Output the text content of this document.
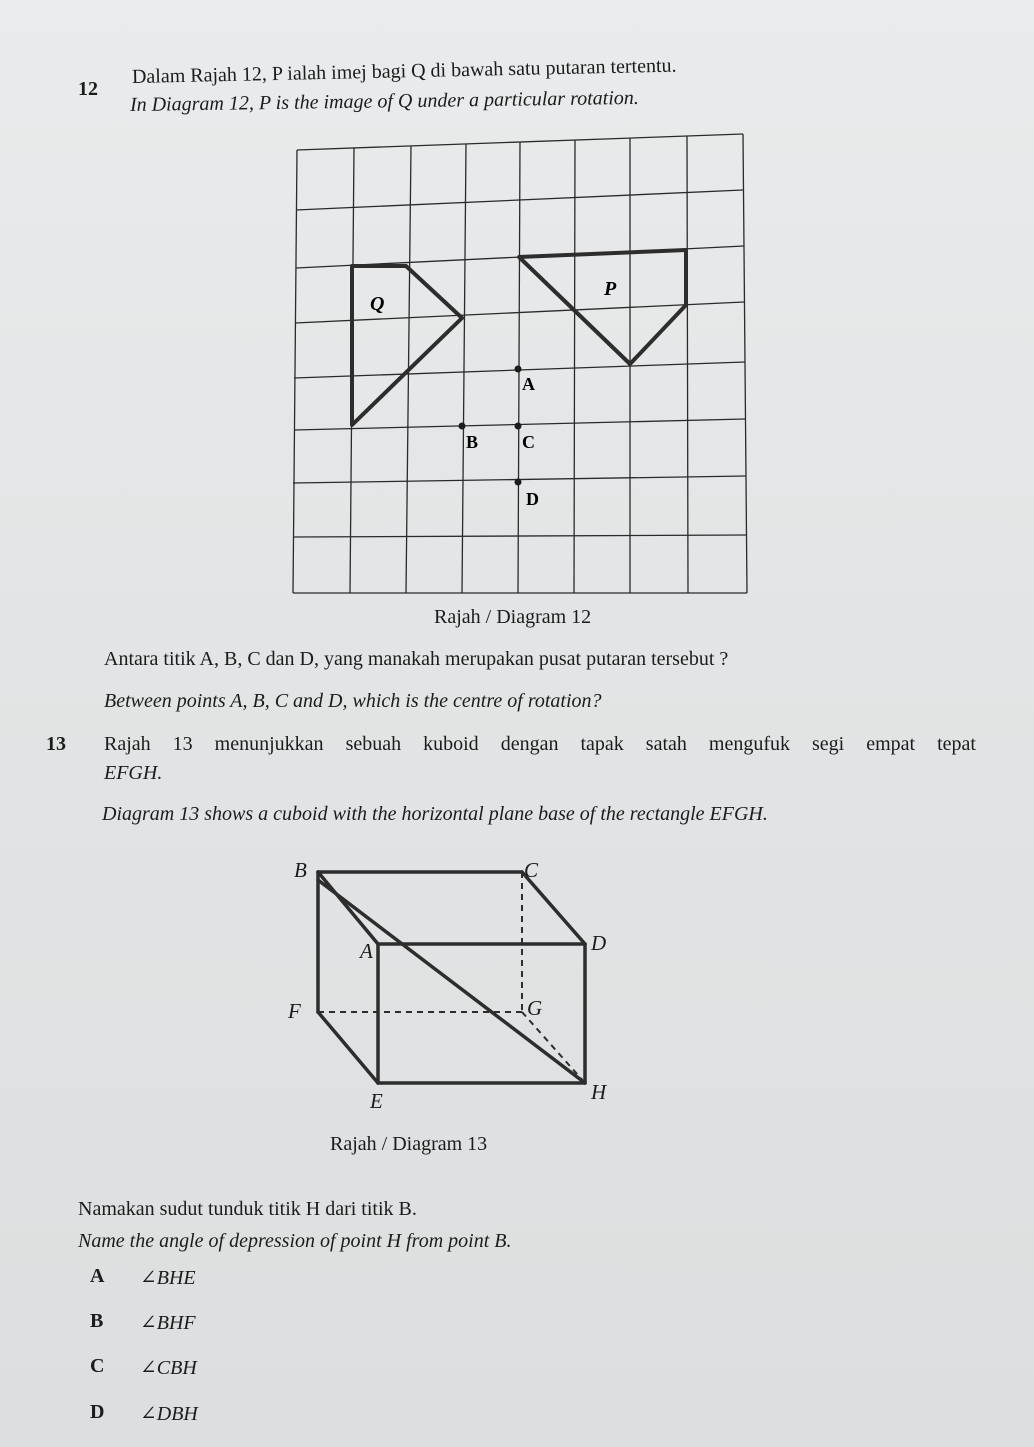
12
Dalam Rajah 12, P ialah imej bagi Q di bawah satu putaran tertentu.
In Diagram 12, P is the image of Q under a particular rotation.
Q
P
A
B C
D
Rajah / Diagram 12
Antara titik A, B, C dan D, yang manakah merupakan pusat putaran tersebut ?
Between points A, B, C and D, which is the centre of rotation?
13 Rajah 13 menunjukkan sebuah kuboid dengan tapak satah mengufuk segi empat tepat
EFGH.
Diagram 13 shows a cuboid with the horizontal plane base of the rectangle EFGH.
B	C
A	D
F	G
E	H
Rajah / Diagram 13
Namakan sudut tunduk titik H dari titik B.
Name the angle of depression of point H from point B.
A ∠BHE
B ∠BHF
C ∠CBH
D ∠DBH
